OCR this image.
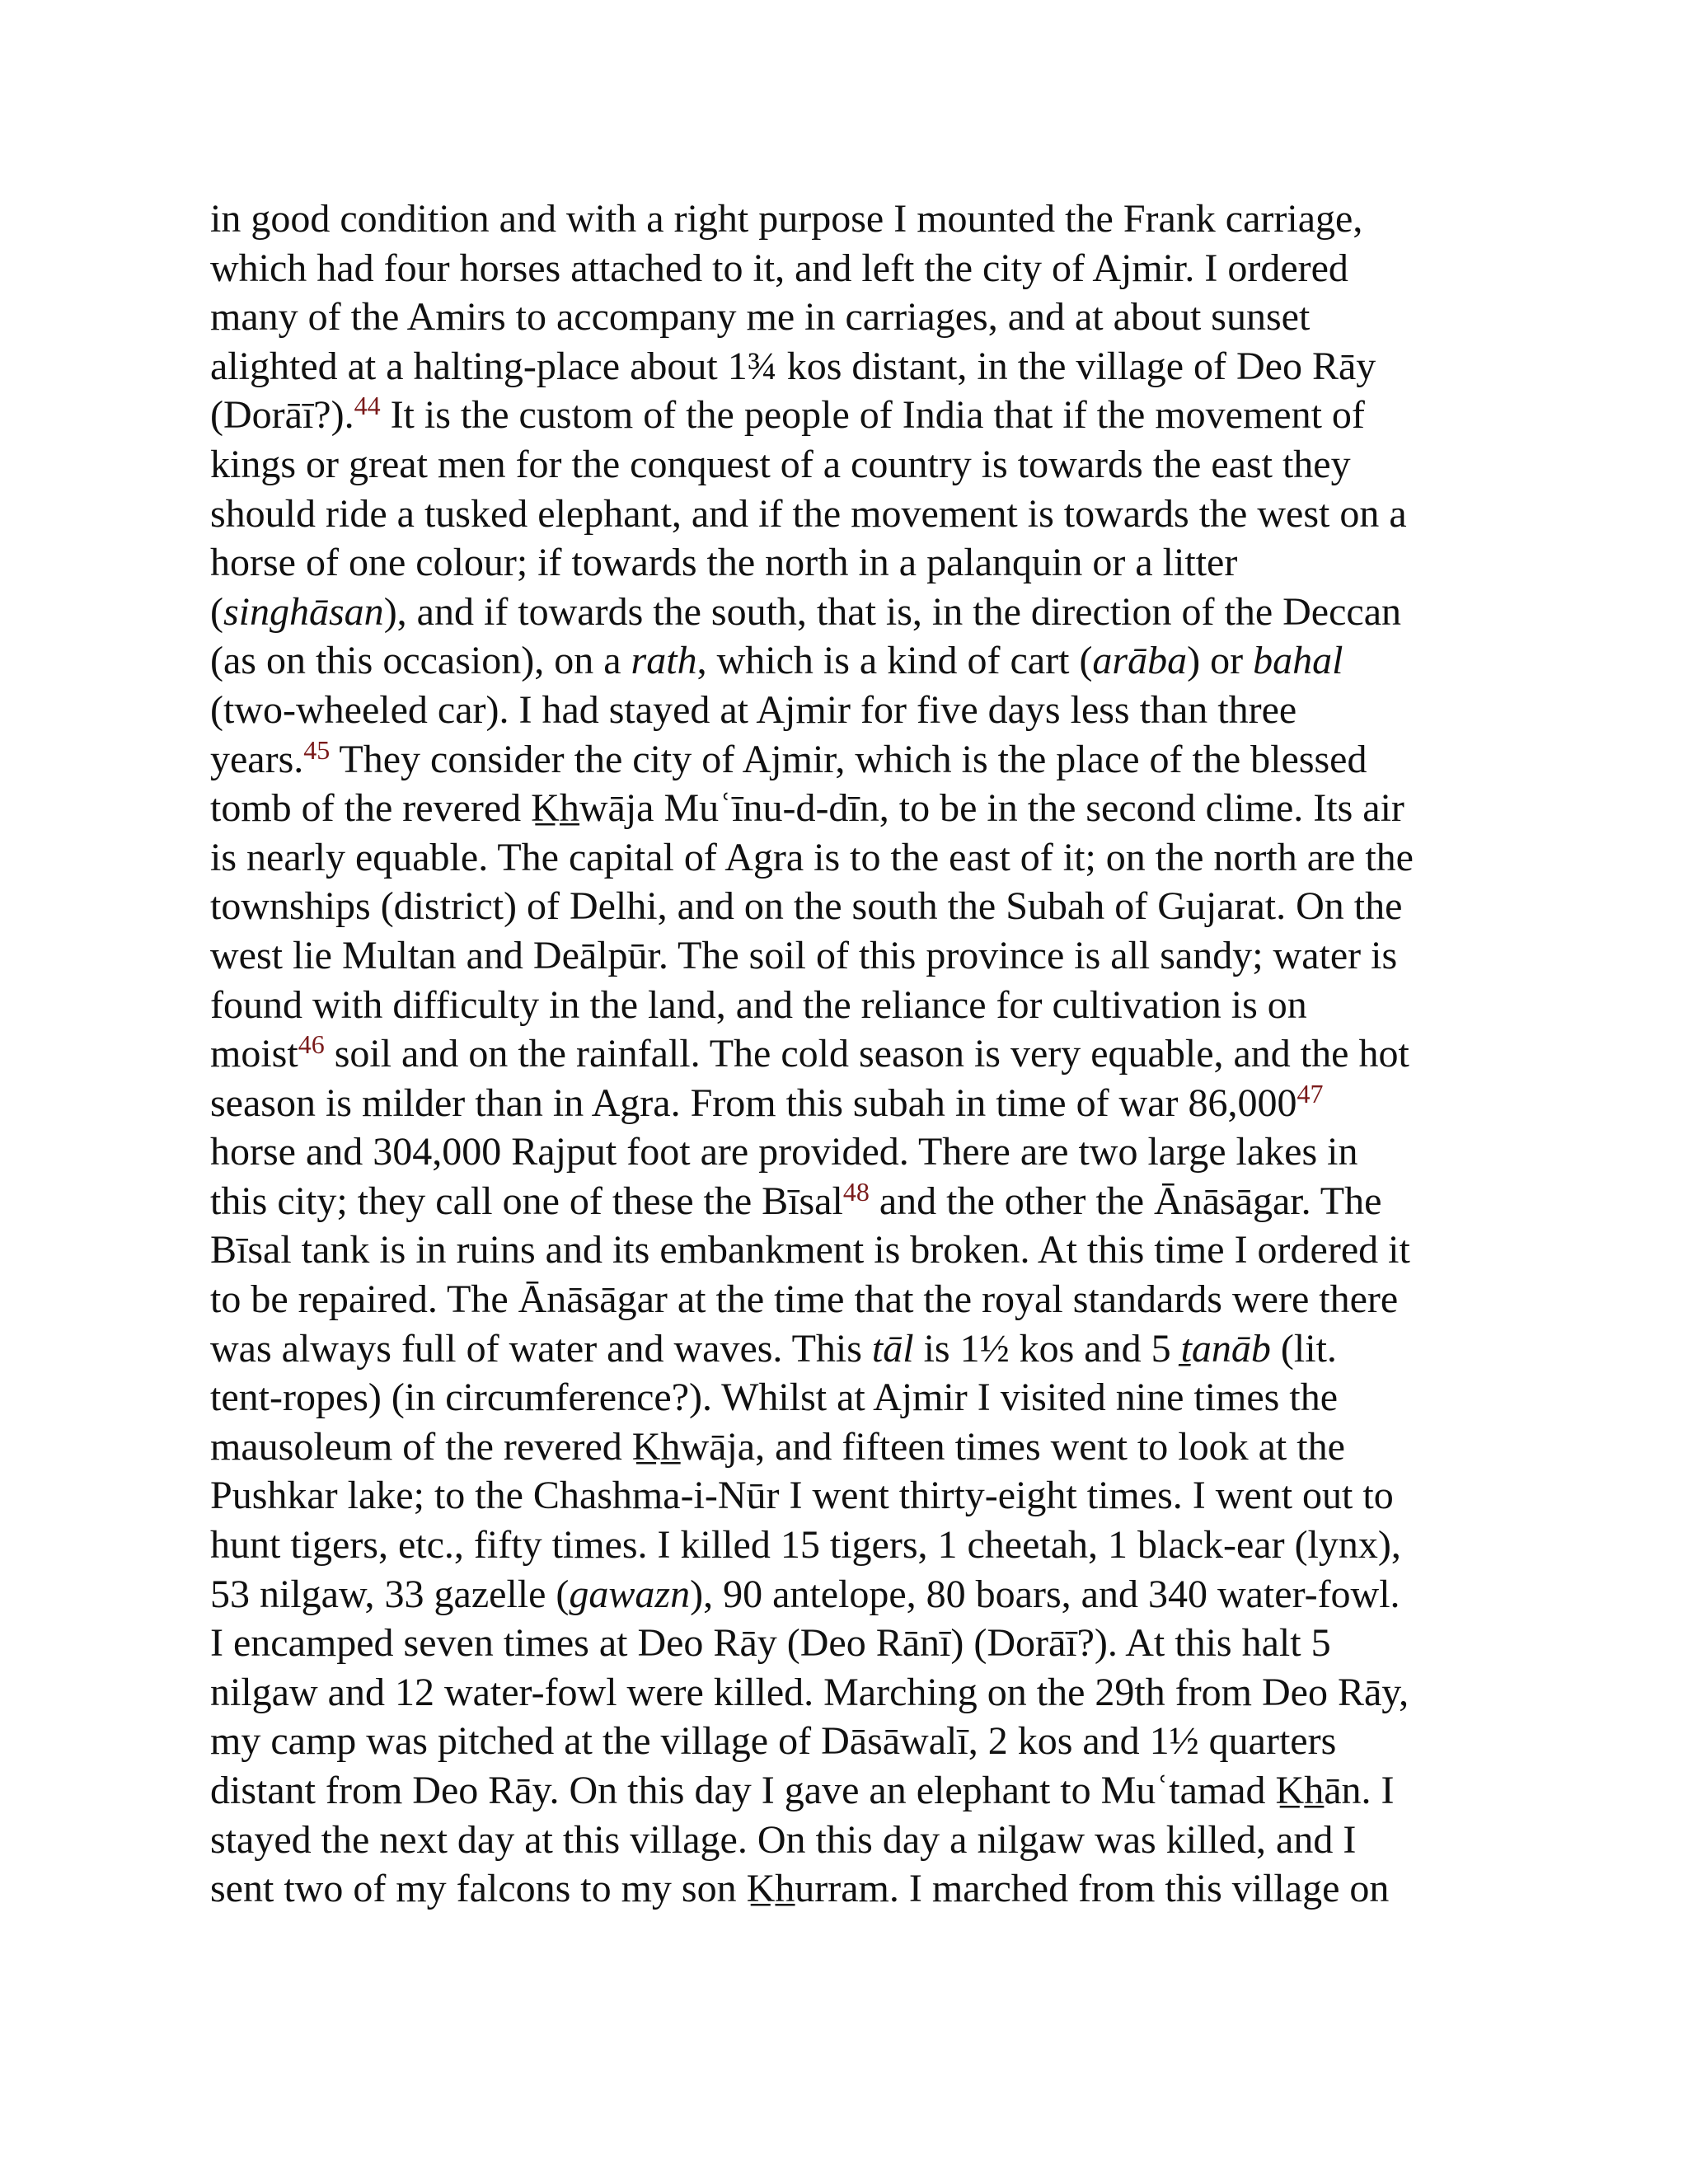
in good condition and with a right purpose I mounted the Frank carriage,
which had four horses attached to it, and left the city of Ajmir. I ordered
many of the Amirs to accompany me in carriages, and at about sunset
alighted at a halting-place about 1¾ kos distant, in the village of Deo Rāy
(Dorāī?).$^{44}$ It is the custom of the people of India that if the movement of
kings or great men for the conquest of a country is towards the east they
should ride a tusked elephant, and if the movement is towards the west on a
horse of one colour; if towards the north in a palanquin or a litter
(singhāsan), and if towards the south, that is, in the direction of the Deccan
(as on this occasion), on a rath, which is a kind of cart (arāba) or bahal
(two-wheeled car). I had stayed at Ajmir for five days less than three
years.$^{45}$ They consider the city of Ajmir, which is the place of the blessed
tomb of the revered K̲h̲wāja Muʿīnu-d-dīn, to be in the second clime. Its air
is nearly equable. The capital of Agra is to the east of it; on the north are the
townships (district) of Delhi, and on the south the Subah of Gujarat. On the
west lie Multan and Deālpūr. The soil of this province is all sandy; water is
found with difficulty in the land, and the reliance for cultivation is on
moist$^{46}$ soil and on the rainfall. The cold season is very equable, and the hot
season is milder than in Agra. From this subah in time of war 86,000$^{47}$
horse and 304,000 Rajput foot are provided. There are two large lakes in
this city; they call one of these the Bīsal$^{48}$ and the other the Ānāsāgar. The
Bīsal tank is in ruins and its embankment is broken. At this time I ordered it
to be repaired. The Ānāsāgar at the time that the royal standards were there
was always full of water and waves. This tāl is 1½ kos and 5 ṯanāb (lit.
tent-ropes) (in circumference?). Whilst at Ajmir I visited nine times the
mausoleum of the revered K̲h̲wāja, and fifteen times went to look at the
Pushkar lake; to the Chashma-i-Nūr I went thirty-eight times. I went out to
hunt tigers, etc., fifty times. I killed 15 tigers, 1 cheetah, 1 black-ear (lynx),
53 nilgaw, 33 gazelle (gawazn), 90 antelope, 80 boars, and 340 water-fowl.
I encamped seven times at Deo Rāy (Deo Rānī) (Dorāī?). At this halt 5
nilgaw and 12 water-fowl were killed. Marching on the 29th from Deo Rāy,
my camp was pitched at the village of Dāsāwalī, 2 kos and 1½ quarters
distant from Deo Rāy. On this day I gave an elephant to Muʿtamad K̲h̲ān. I
stayed the next day at this village. On this day a nilgaw was killed, and I
sent two of my falcons to my son K̲h̲urram. I marched from this village on
